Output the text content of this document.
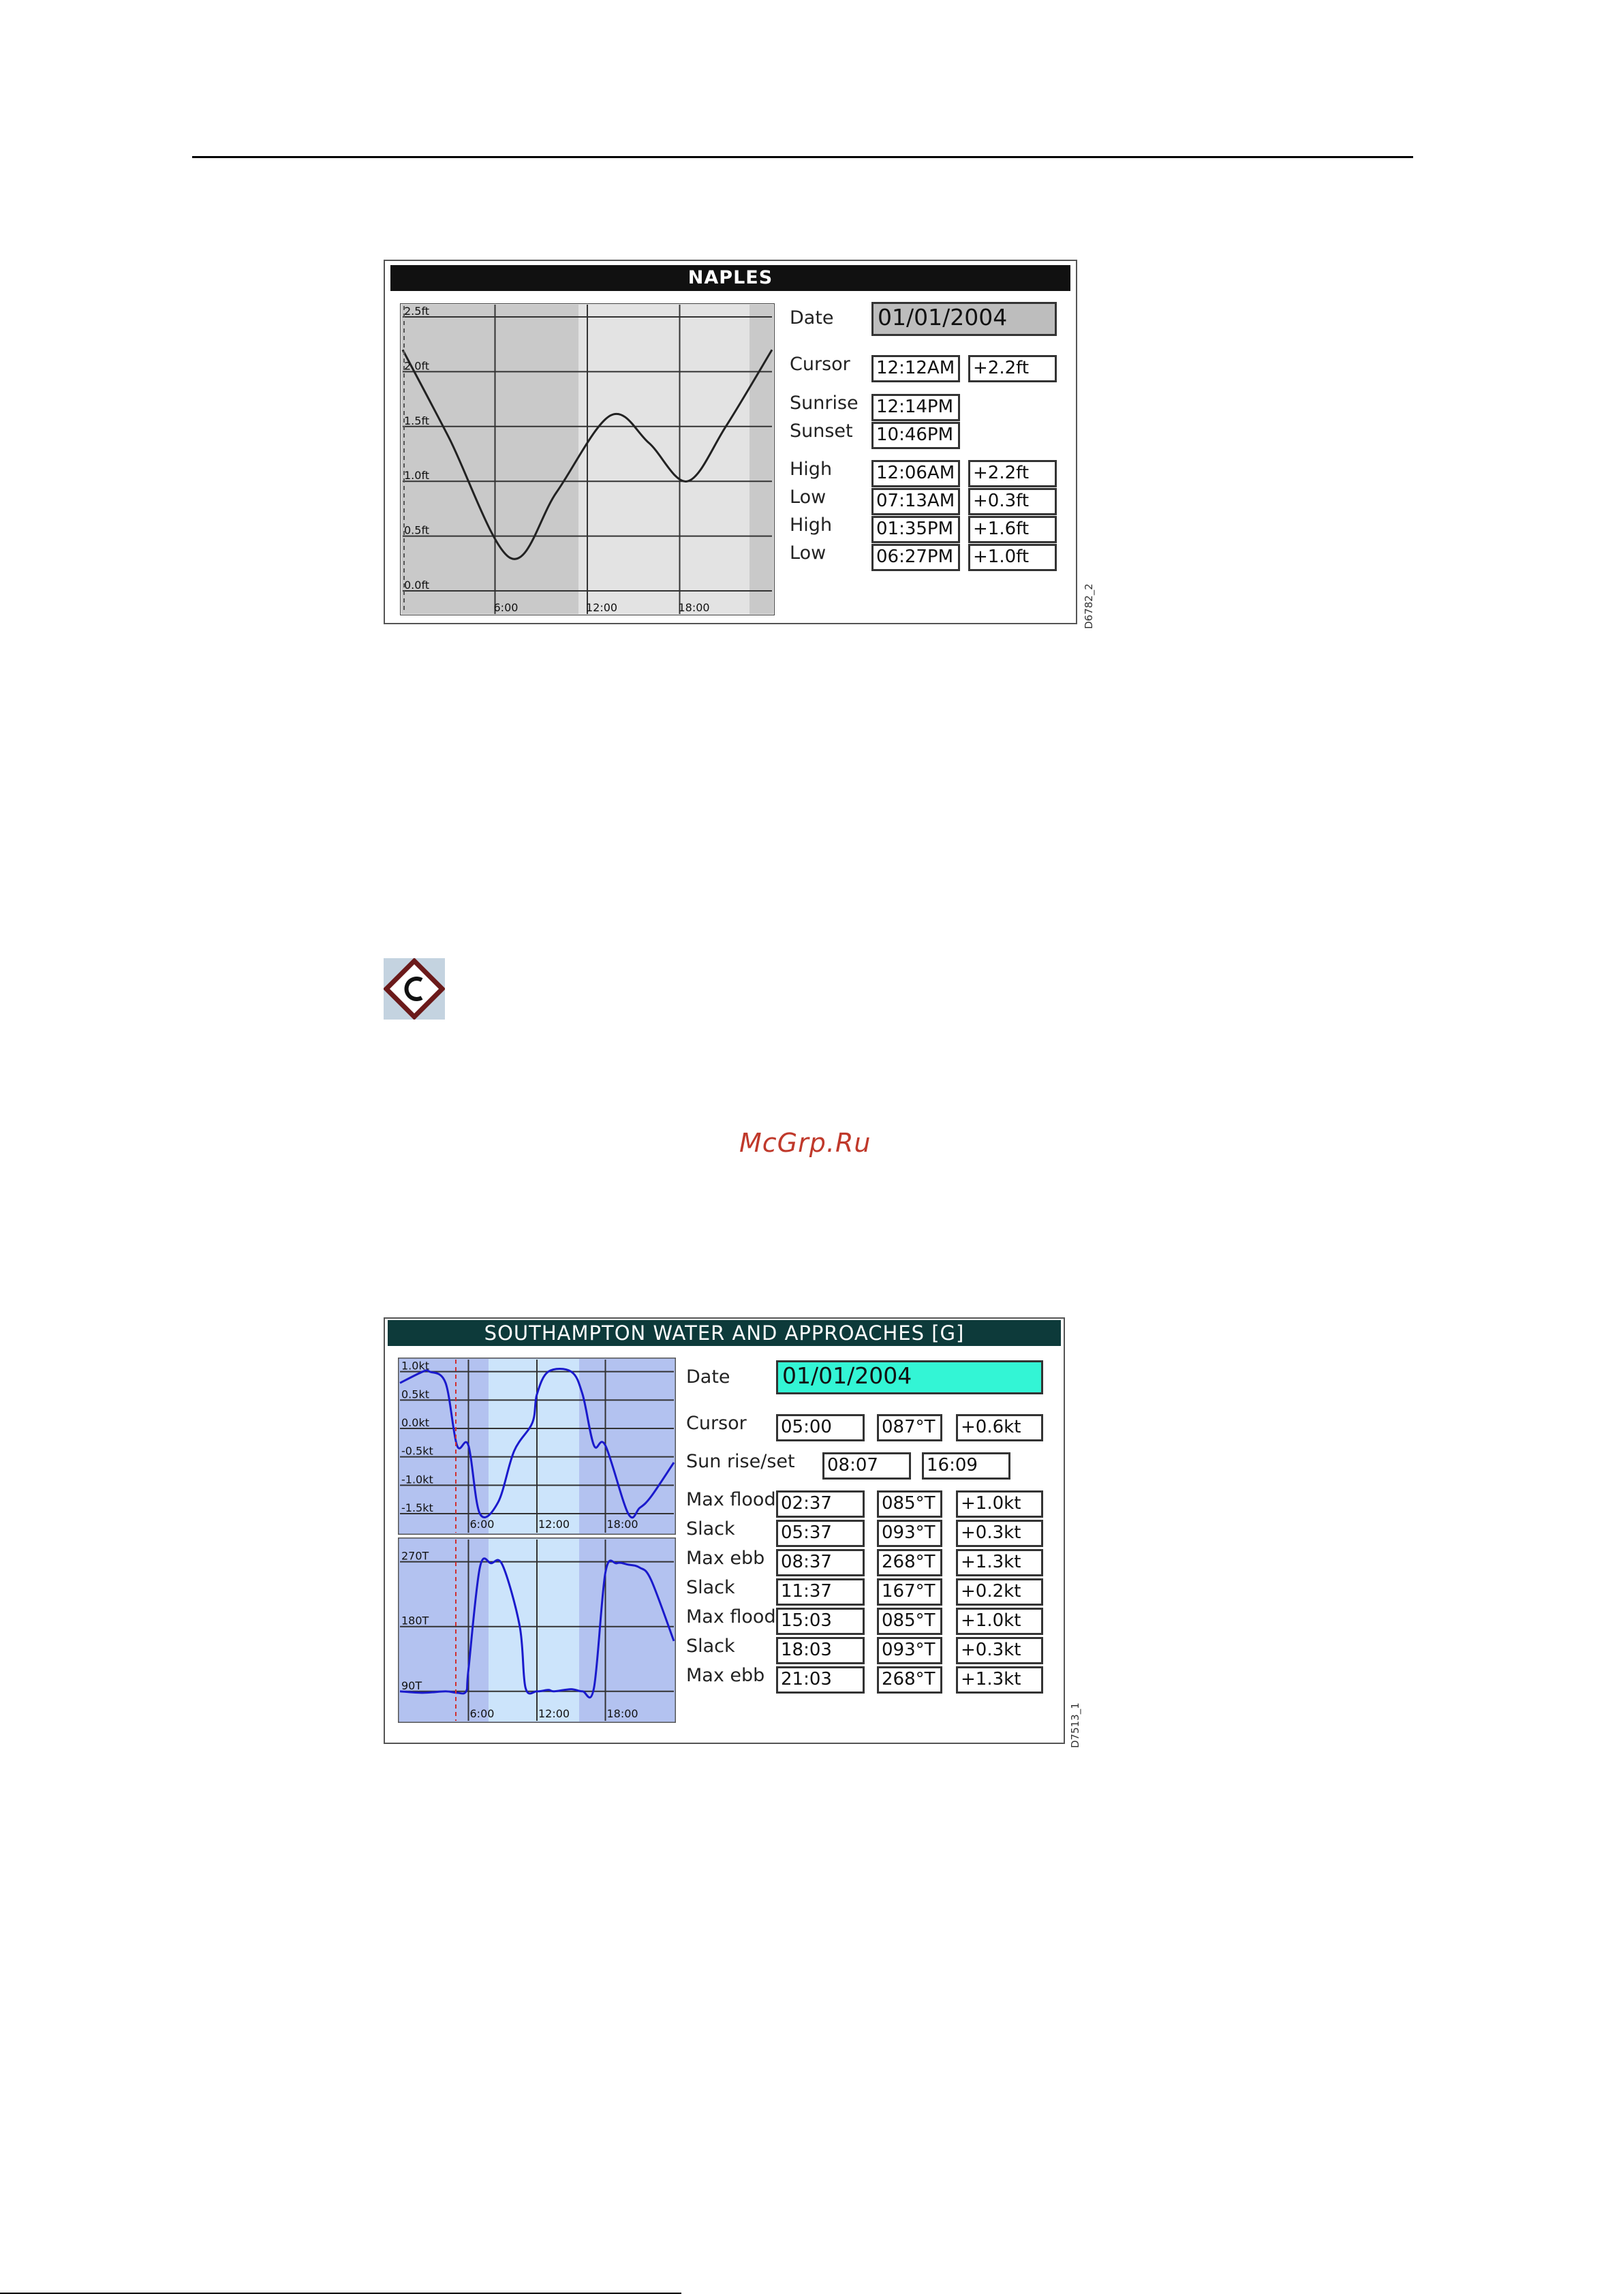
NAPLES
2.5ft
2.0ft
1.5ft
1.0ft
0.5ft
0.0ft
6:00	12:00	18:00
Date 01/01/2004
Cursor 12:12AM	+2.2ft
Sunrise 12:14PM
Sunset 10:46PM
High 12:06AM	+2.2ft
Low	07:13AM	+0.3ft
High 01:35PM	+1.6ft
Low	06:27PM	+1.0ft
D6782_2
McGrp.Ru
SOUTHAMPTON WATER AND APPROACHES [G]
1.0kt
0.5kt
0.0kt
-0.5kt
-1.0kt
-1.5kt
6:00	12:00	18:00
270T
180T
90T
6:00	12:00	18:00
Date 01/01/2004
Cursor 05:00	087°T	+0.6kt
Sun rise/set 08:07	16:09
Max flood 02:37	085°T	+1.0kt
Slack	05:37	093°T	+0.3kt
Max ebb 08:37	268°T	+1.3kt
Slack	11:37	167°T	+0.2kt
Max flood 15:03	085°T	+1.0kt
Slack	18:03	093°T	+0.3kt
Max ebb 21:03	268°T	+1.3kt
D7513_1
